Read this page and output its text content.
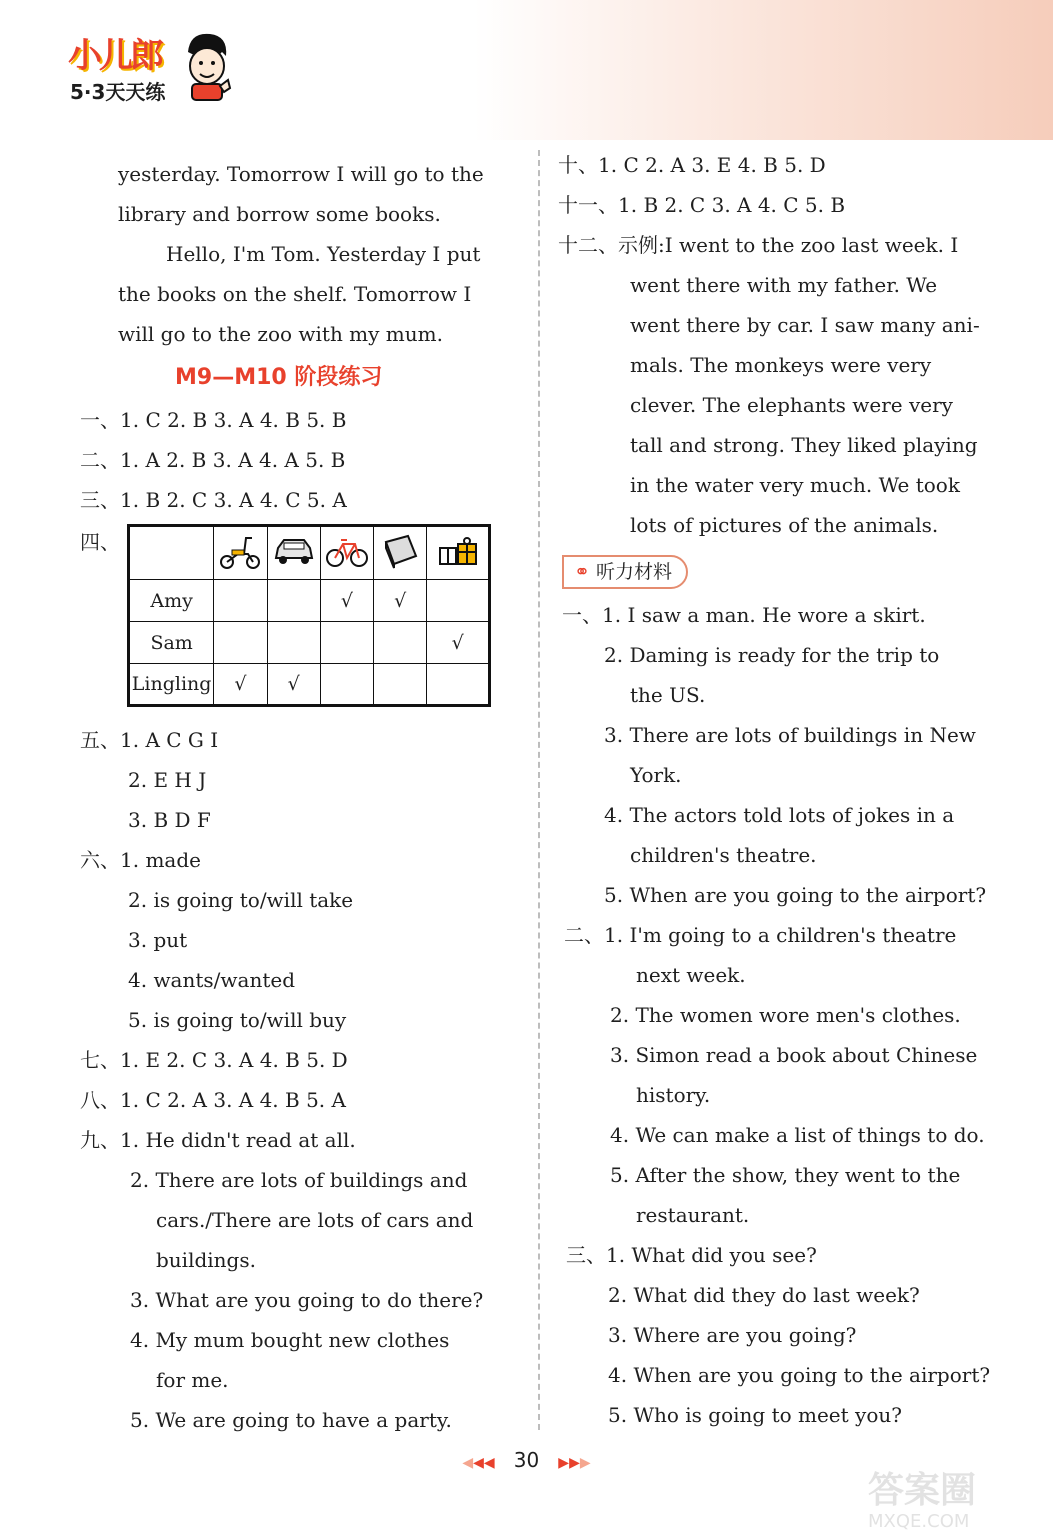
小儿郎
5·3天天练
yesterday. Tomorrow I will go to the
library and borrow some books.
Hello, I'm Tom. Yesterday I put
the books on the shelf. Tomorrow I
will go to the zoo with my mum.
M9—M10 阶段练习
一、1. C 2. B 3. A 4. B 5. B
二、1. A 2. B 3. A 4. A 5. B
三、1. B 2. C 3. A 4. C 5. A
四、

Amy			√	√	
Sam					√
Lingling	√	√			
五、1. A C G I
2. E H J
3. B D F
六、1. made
2. is going to/will take
3. put
4. wants/wanted
5. is going to/will buy
七、1. E 2. C 3. A 4. B 5. D
八、1. C 2. A 3. A 4. B 5. A
九、1. He didn't read at all.
2. There are lots of buildings and
cars./There are lots of cars and
buildings.
3. What are you going to do there?
4. My mum bought new clothes
for me.
5. We are going to have a party.
十、1. C 2. A 3. E 4. B 5. D
十一、1. B 2. C 3. A 4. C 5. B
十二、示例:I went to the zoo last week. I
went there with my father. We
went there by car. I saw many ani-
mals. The monkeys were very
clever. The elephants were very
tall and strong. They liked playing
in the water very much. We took
lots of pictures of the animals.
⚭ 听力材料
一、1. I saw a man. He wore a skirt.
2. Daming is ready for the trip to
the US.
3. There are lots of buildings in New
York.
4. The actors told lots of jokes in a
children's theatre.
5. When are you going to the airport?
二、1. I'm going to a children's theatre
next week.
2. The women wore men's clothes.
3. Simon read a book about Chinese
history.
4. We can make a list of things to do.
5. After the show, they went to the
restaurant.
三、1. What did you see?
2. What did they do last week?
3. Where are you going?
4. When are you going to the airport?
5. Who is going to meet you?
◀◀◀ 30 ▶▶▶
答案圈
MXQE.COM
